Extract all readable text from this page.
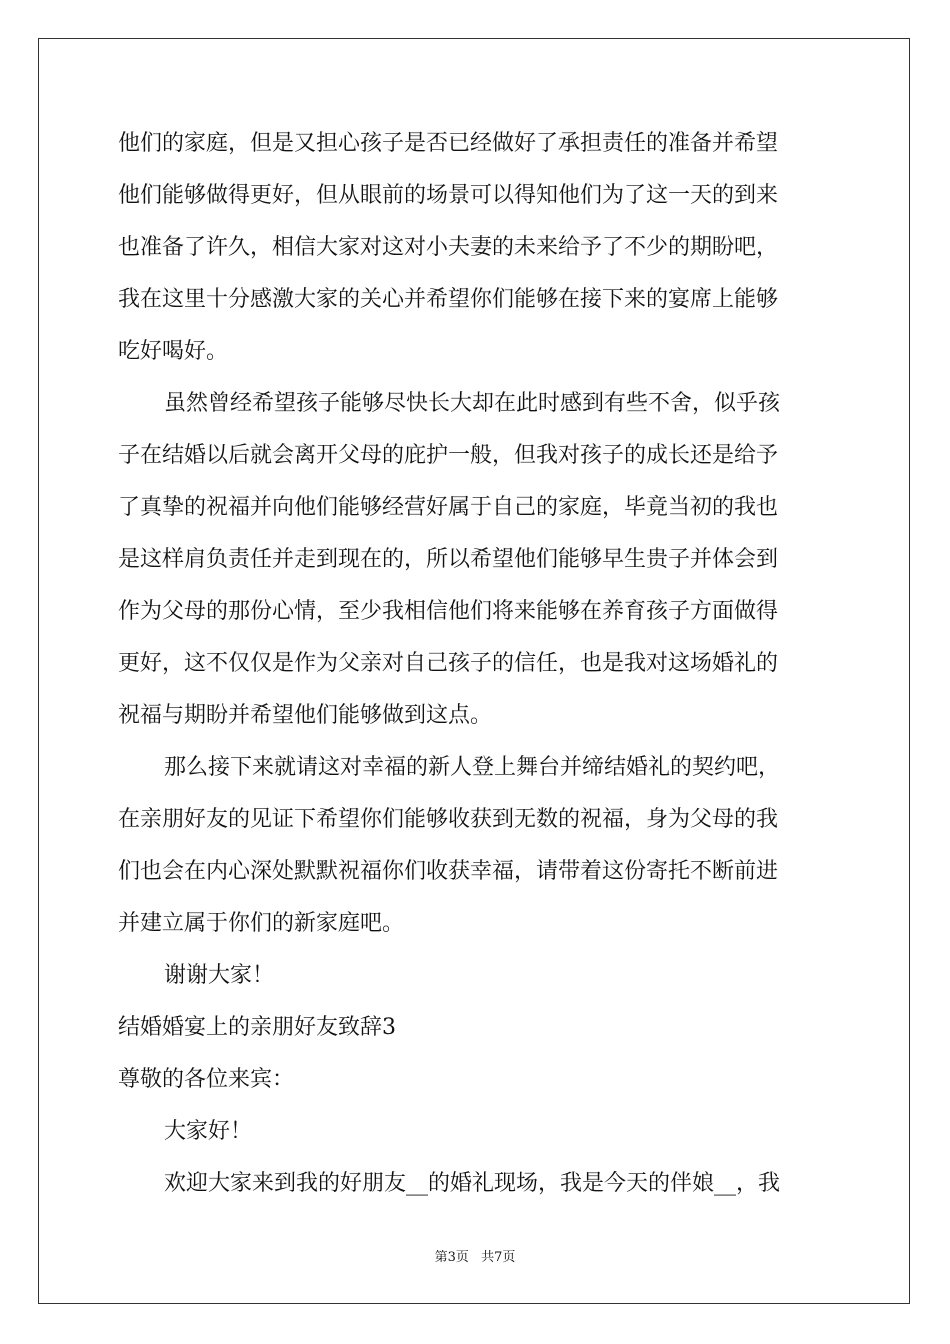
他们的家庭，但是又担心孩子是否已经做好了承担责任的准备并希望
他们能够做得更好，但从眼前的场景可以得知他们为了这一天的到来
也准备了许久，相信大家对这对小夫妻的未来给予了不少的期盼吧，
我在这里十分感激大家的关心并希望你们能够在接下来的宴席上能够
吃好喝好。
虽然曾经希望孩子能够尽快长大却在此时感到有些不舍，似乎孩
子在结婚以后就会离开父母的庇护一般，但我对孩子的成长还是给予
了真挚的祝福并向他们能够经营好属于自己的家庭，毕竟当初的我也
是这样肩负责任并走到现在的，所以希望他们能够早生贵子并体会到
作为父母的那份心情，至少我相信他们将来能够在养育孩子方面做得
更好，这不仅仅是作为父亲对自己孩子的信任，也是我对这场婚礼的
祝福与期盼并希望他们能够做到这点。
那么接下来就请这对幸福的新人登上舞台并缔结婚礼的契约吧，
在亲朋好友的见证下希望你们能够收获到无数的祝福，身为父母的我
们也会在内心深处默默祝福你们收获幸福，请带着这份寄托不断前进
并建立属于你们的新家庭吧。
谢谢大家！
结婚婚宴上的亲朋好友致辞3
尊敬的各位来宾：
大家好！
欢迎大家来到我的好朋友__的婚礼现场，我是今天的伴娘__，我
第3页 共7页
